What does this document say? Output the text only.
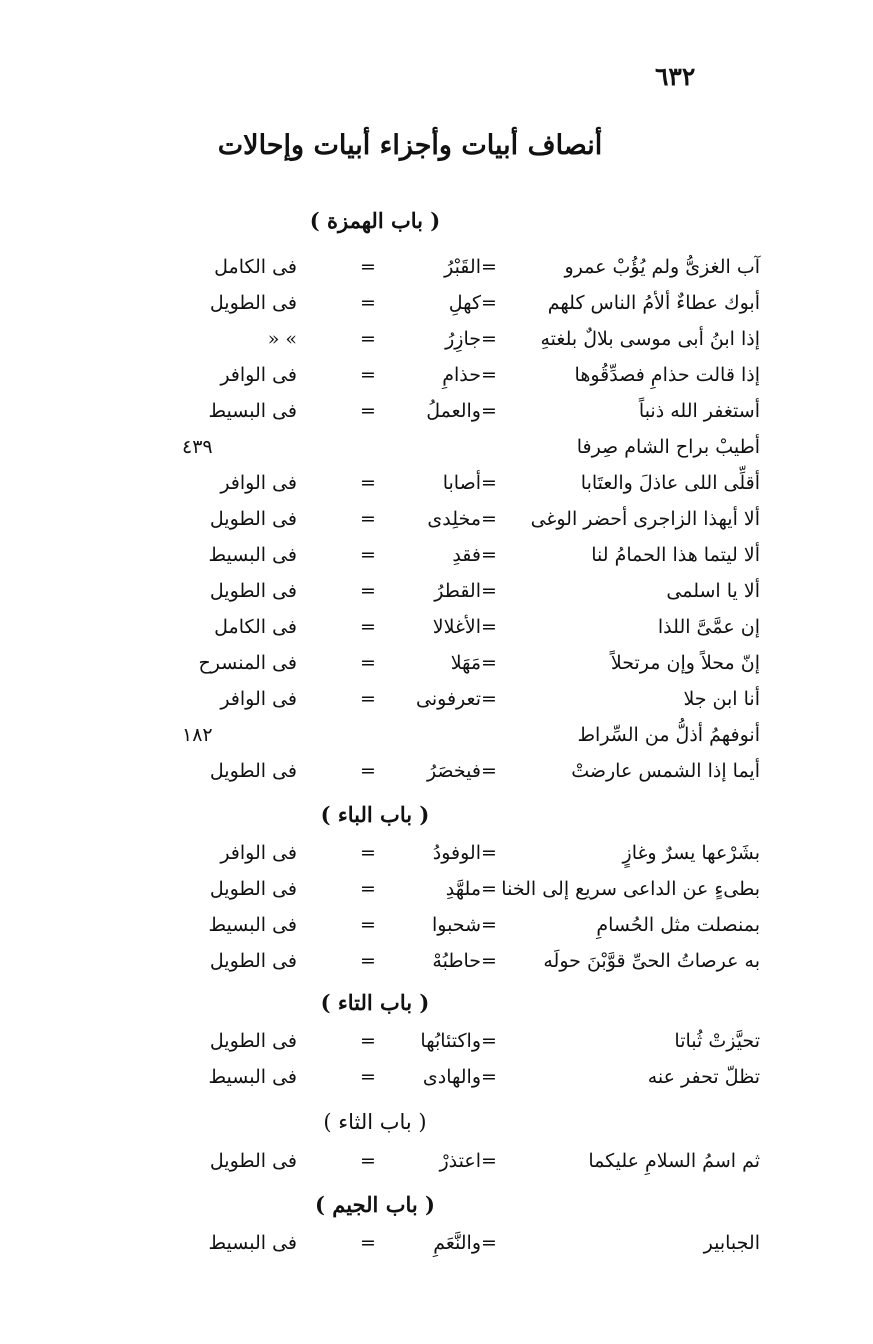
٦٣٢
أنصاف أبيات وأجزاء أبيات وإحالات
( باب الهمزة )
آب الغزىُّ ولم يُؤُبْ عمرو
=
القَبْرُ
=
فى الكامل
أبوك عطاءٌ ألأمُ الناس كلهم
=
كهلِ
=
فى الطويل
إذا ابنُ أبى موسى بلالٌ بلغتهِ
=
جازِرُ
=
» «
إذا قالت حذامِ فصدِّقُوها
=
حذامِ
=
فى الوافر
أستغفر الله ذنباً
=
والعملُ
=
فى البسيط
أطيبْ براح الشام صِرفا
٤٣٩
أقلِّى اللى عاذلَ والعتَابا
=
أصابا
=
فى الوافر
ألا أيهذا الزاجرى أحضر الوغى
=
مخلِدى
=
فى الطويل
ألا ليتما هذا الحمامُ لنا
=
فقدِ
=
فى البسيط
ألا يا اسلمى
=
القطرُ
=
فى الطويل
إن عمَّىَّ اللذا
=
الأغلالا
=
فى الكامل
إنّ محلاً وإن مرتحلاً
=
مَهَلا
=
فى المنسرح
أنا ابن جلا
=
تعرفونى
=
فى الوافر
أنوفهمُ أذلُّ من السِّراط
١٨٢
أيما إذا الشمس عارضتْ
=
فيخصَرُ
=
فى الطويل
( باب الباء )
بشَرْعها يسرٌ وغازٍ
=
الوفودُ
=
فى الوافر
بطىءٍ عن الداعى سريع إلى الخنا
=
ملهَّدِ
=
فى الطويل
بمنصلت مثل الحُسامِ
=
شحبوا
=
فى البسيط
به عرصاتُ الحىِّ قوَّبْنَ حولَه
=
حاطبُهْ
=
فى الطويل
( باب التاء )
تحيَّزتْ ثُباتا
=
واكتئابُها
=
فى الطويل
تظلّ تحفر عنه
=
والهادى
=
فى البسيط
( باب الثاء )
ثم اسمُ السلامِ عليكما
=
اعتذرْ
=
فى الطويل
( باب الجيم )
الجبابير
=
والنَّعَمِ
=
فى البسيط
